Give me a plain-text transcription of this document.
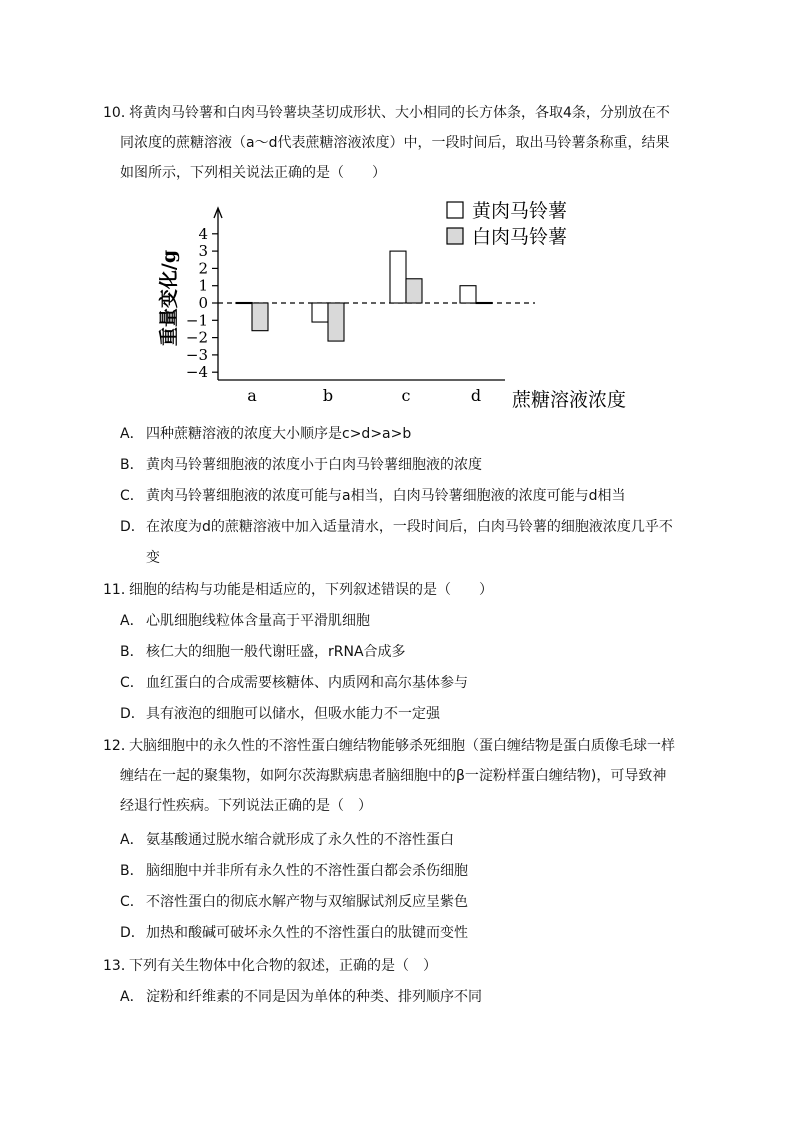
10．将黄肉马铃薯和白肉马铃薯块茎切成形状、大小相同的长方体条，各取4条，分别放在不
同浓度的蔗糖溶液（a～d代表蔗糖溶液浓度）中，一段时间后，取出马铃薯条称重，结果
如图所示，下列相关说法正确的是（　　）
A． 四种蔗糖溶液的浓度大小顺序是c>d>a>b
B． 黄肉马铃薯细胞液的浓度小于白肉马铃薯细胞液的浓度
C． 黄肉马铃薯细胞液的浓度可能与a相当，白肉马铃薯细胞液的浓度可能与d相当
D．在浓度为d的蔗糖溶液中加入适量清水，一段时间后，白肉马铃薯的细胞液浓度几乎不
变
11．细胞的结构与功能是相适应的，下列叙述错误的是（　　）
A． 心肌细胞线粒体含量高于平滑肌细胞
B． 核仁大的细胞一般代谢旺盛，rRNA合成多
C． 血红蛋白的合成需要核糖体、内质网和高尔基体参与
D．具有液泡的细胞可以储水，但吸水能力不一定强
12．大脑细胞中的永久性的不溶性蛋白缠结物能够杀死细胞（蛋白缠结物是蛋白质像毛球一样
缠结在一起的聚集物，如阿尔茨海默病患者脑细胞中的β一淀粉样蛋白缠结物)，可导致神
经退行性疾病。下列说法正确的是（　）
A． 氨基酸通过脱水缩合就形成了永久性的不溶性蛋白
B． 脑细胞中并非所有永久性的不溶性蛋白都会杀伤细胞
C． 不溶性蛋白的彻底水解产物与双缩脲试剂反应呈紫色
D．加热和酸碱可破坏永久性的不溶性蛋白的肽键而变性
13．下列有关生物体中化合物的叙述，正确的是（　）
A． 淀粉和纤维素的不同是因为单体的种类、排列顺序不同
4
3
2
1
0
−1
−2
−3
−4
重量变化/g
a	b	c	d 蔗糖溶液浓度
黄肉马铃薯
白肉马铃薯
